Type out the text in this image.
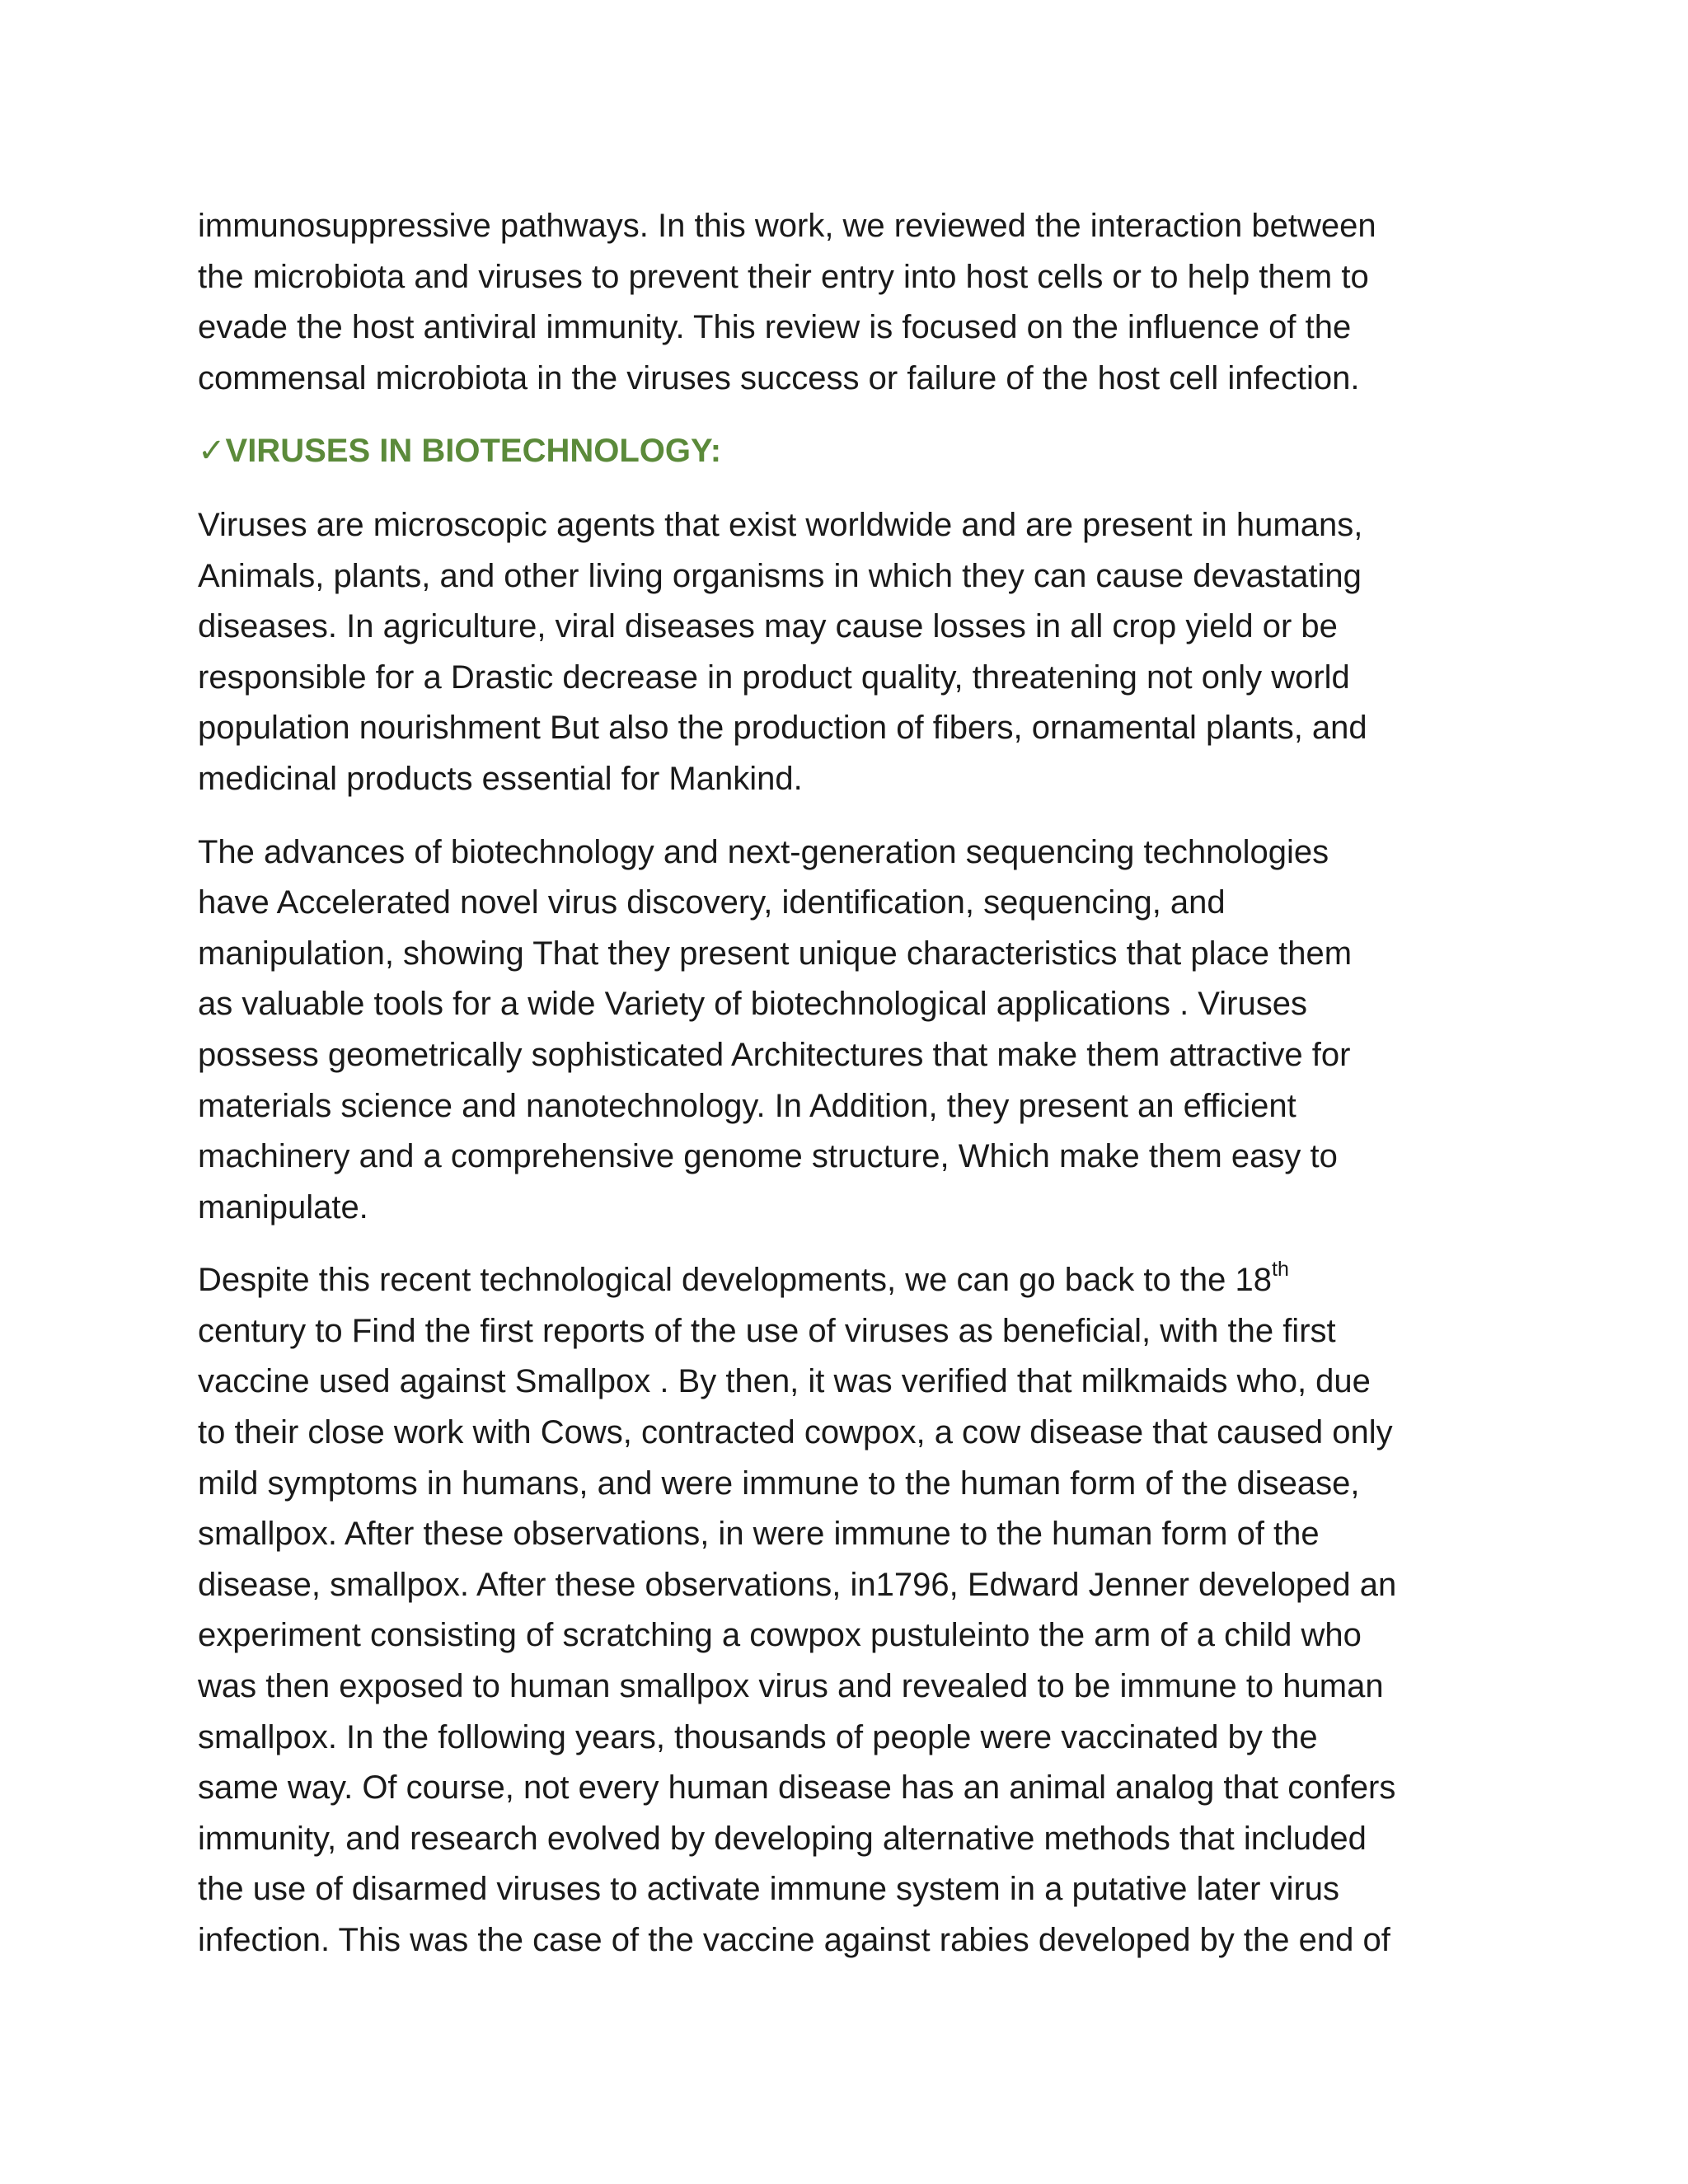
immunosuppressive pathways. In this work, we reviewed the interaction between
the microbiota and viruses to prevent their entry into host cells or to help them to
evade the host antiviral immunity. This review is focused on the influence of the
commensal microbiota in the viruses success or failure of the host cell infection.
✓VIRUSES IN BIOTECHNOLOGY:
Viruses are microscopic agents that exist worldwide and are present in humans,
Animals, plants, and other living organisms in which they can cause devastating
diseases. In agriculture, viral diseases may cause losses in all crop yield or be
responsible for a Drastic decrease in product quality, threatening not only world
population nourishment But also the production of fibers, ornamental plants, and
medicinal products essential for Mankind.
The advances of biotechnology and next-generation sequencing technologies
have Accelerated novel virus discovery, identification, sequencing, and
manipulation, showing That they present unique characteristics that place them
as valuable tools for a wide Variety of biotechnological applications . Viruses
possess geometrically sophisticated Architectures that make them attractive for
materials science and nanotechnology. In Addition, they present an efficient
machinery and a comprehensive genome structure, Which make them easy to
manipulate.
Despite this recent technological developments, we can go back to the 18th
century to Find the first reports of the use of viruses as beneficial, with the first
vaccine used against Smallpox . By then, it was verified that milkmaids who, due
to their close work with Cows, contracted cowpox, a cow disease that caused only
mild symptoms in humans, and were immune to the human form of the disease,
smallpox. After these observations, in were immune to the human form of the
disease, smallpox. After these observations, in1796, Edward Jenner developed an
experiment consisting of scratching a cowpox pustuleinto the arm of a child who
was then exposed to human smallpox virus and revealed to be immune to human
smallpox. In the following years, thousands of people were vaccinated by the
same way. Of course, not every human disease has an animal analog that confers
immunity, and research evolved by developing alternative methods that included
the use of disarmed viruses to activate immune system in a putative later virus
infection. This was the case of the vaccine against rabies developed by the end of
